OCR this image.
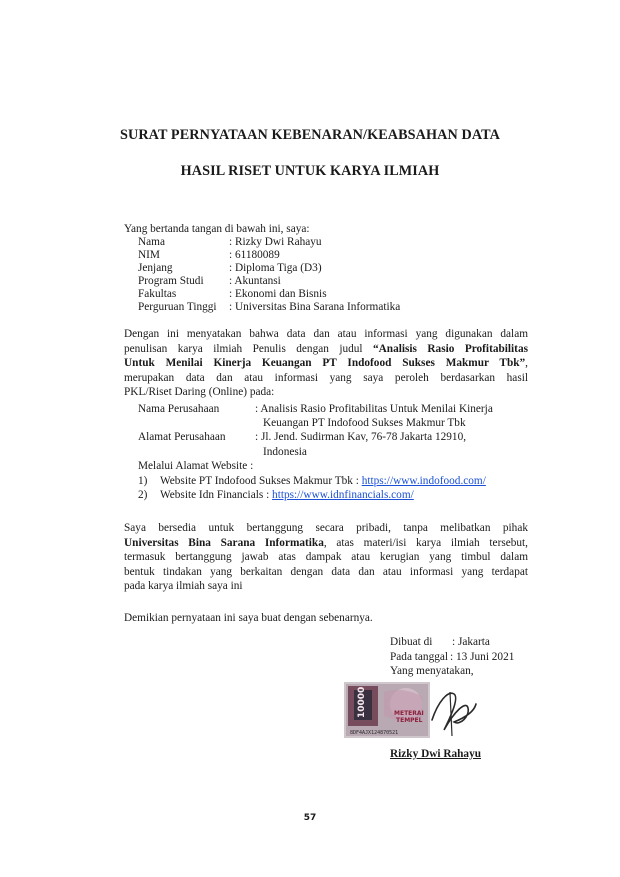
SURAT PERNYATAAN KEBENARAN/KEABSAHAN DATA
HASIL RISET UNTUK KARYA ILMIAH
Yang bertanda tangan di bawah ini, saya:
Nama	: Rizky Dwi Rahayu
NIM	: 61180089
Jenjang	: Diploma Tiga (D3)
Program Studi	: Akuntansi
Fakultas	: Ekonomi dan Bisnis
Perguruan Tinggi	: Universitas Bina Sarana Informatika
Dengan ini menyatakan bahwa data dan atau informasi yang digunakan dalam
penulisan karya ilmiah Penulis dengan judul “Analisis Rasio Profitabilitas
Untuk Menilai Kinerja Keuangan PT Indofood Sukses Makmur Tbk”,
merupakan data dan atau informasi yang saya peroleh berdasarkan hasil
PKL/Riset Daring (Online) pada:
Nama Perusahaan	: Analisis Rasio Profitabilitas Untuk Menilai Kinerja
Keuangan PT Indofood Sukses Makmur Tbk
Alamat Perusahaan	: Jl. Jend. Sudirman Kav, 76-78 Jakarta 12910,
Indonesia
Melalui Alamat Website :
1)	Website PT Indofood Sukses Makmur Tbk : https://www.indofood.com/
2)	Website Idn Financials : https://www.idnfinancials.com/
Saya bersedia untuk bertanggung secara pribadi, tanpa melibatkan pihak
Universitas Bina Sarana Informatika, atas materi/isi karya ilmiah tersebut,
termasuk bertanggung jawab atas dampak atau kerugian yang timbul dalam
bentuk tindakan yang berkaitan dengan data dan atau informasi yang terdapat
pada karya ilmiah saya ini
Demikian pernyataan ini saya buat dengan sebenarnya.
Dibuat di	: Jakarta
Pada tanggal : 13 Juni 2021
Yang menyatakan,
10000	METERAI
TEMPEL
8DF4AJX124870521
Rizky Dwi Rahayu
57
